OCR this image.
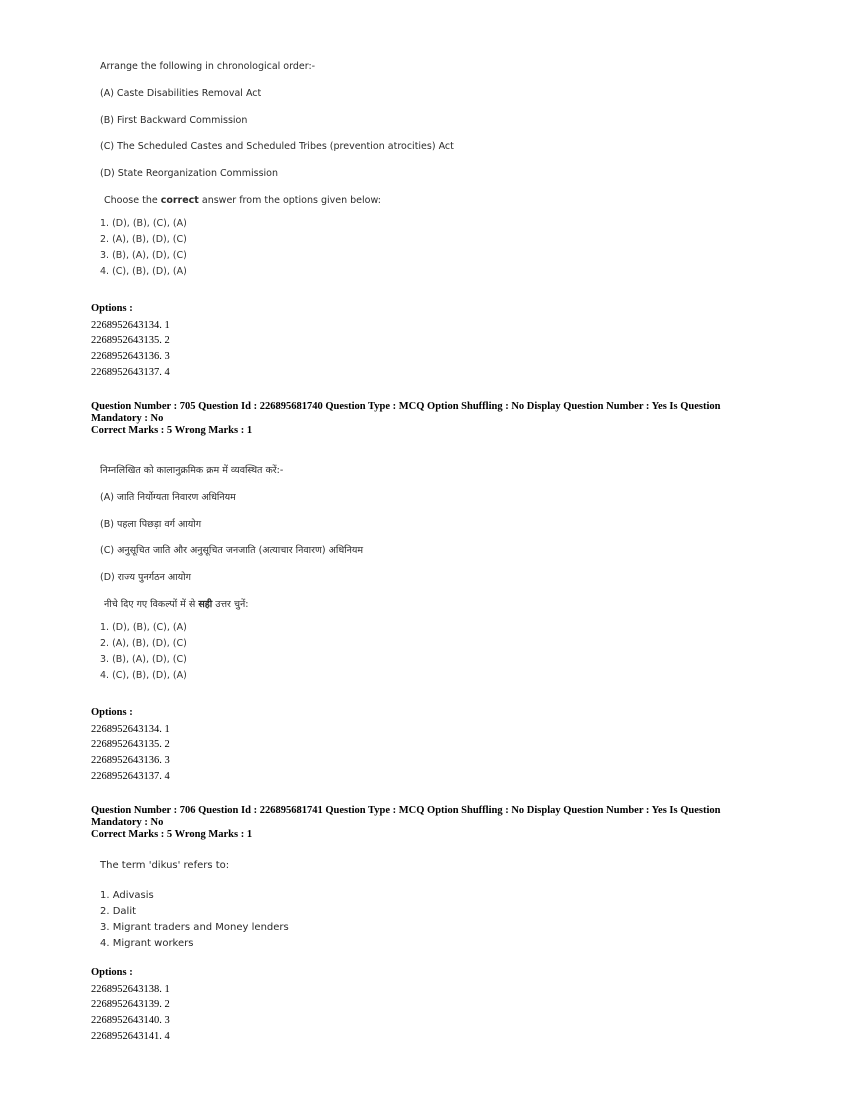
Arrange the following in chronological order:-
(A) Caste Disabilities Removal Act
(B) First Backward Commission
(C) The Scheduled Castes and Scheduled Tribes (prevention atrocities) Act
(D) State Reorganization Commission
Choose the correct answer from the options given below:
1. (D), (B), (C), (A)
2. (A), (B), (D), (C)
3. (B), (A), (D), (C)
4. (C), (B), (D), (A)
Options :
2268952643134. 1
2268952643135. 2
2268952643136. 3
2268952643137. 4
Question Number : 705 Question Id : 226895681740 Question Type : MCQ Option Shuffling : No Display Question Number : Yes Is Question Mandatory : No
Correct Marks : 5 Wrong Marks : 1
निम्नलिखित को कालानुक्रमिक क्रम में व्यवस्थित करें:-
(A) जाति निर्योग्यता निवारण अधिनियम
(B) पहला पिछड़ा वर्ग आयोग
(C) अनुसूचित जाति और अनुसूचित जनजाति (अत्याचार निवारण) अधिनियम
(D) राज्य पुनर्गठन आयोग
नीचे दिए गए विकल्पों में से सही उत्तर चुनें:
1. (D), (B), (C), (A)
2. (A), (B), (D), (C)
3. (B), (A), (D), (C)
4. (C), (B), (D), (A)
Options :
2268952643134. 1
2268952643135. 2
2268952643136. 3
2268952643137. 4
Question Number : 706 Question Id : 226895681741 Question Type : MCQ Option Shuffling : No Display Question Number : Yes Is Question Mandatory : No
Correct Marks : 5 Wrong Marks : 1
The term 'dikus' refers to:
1. Adivasis
2. Dalit
3. Migrant traders and Money lenders
4. Migrant workers
Options :
2268952643138. 1
2268952643139. 2
2268952643140. 3
2268952643141. 4
